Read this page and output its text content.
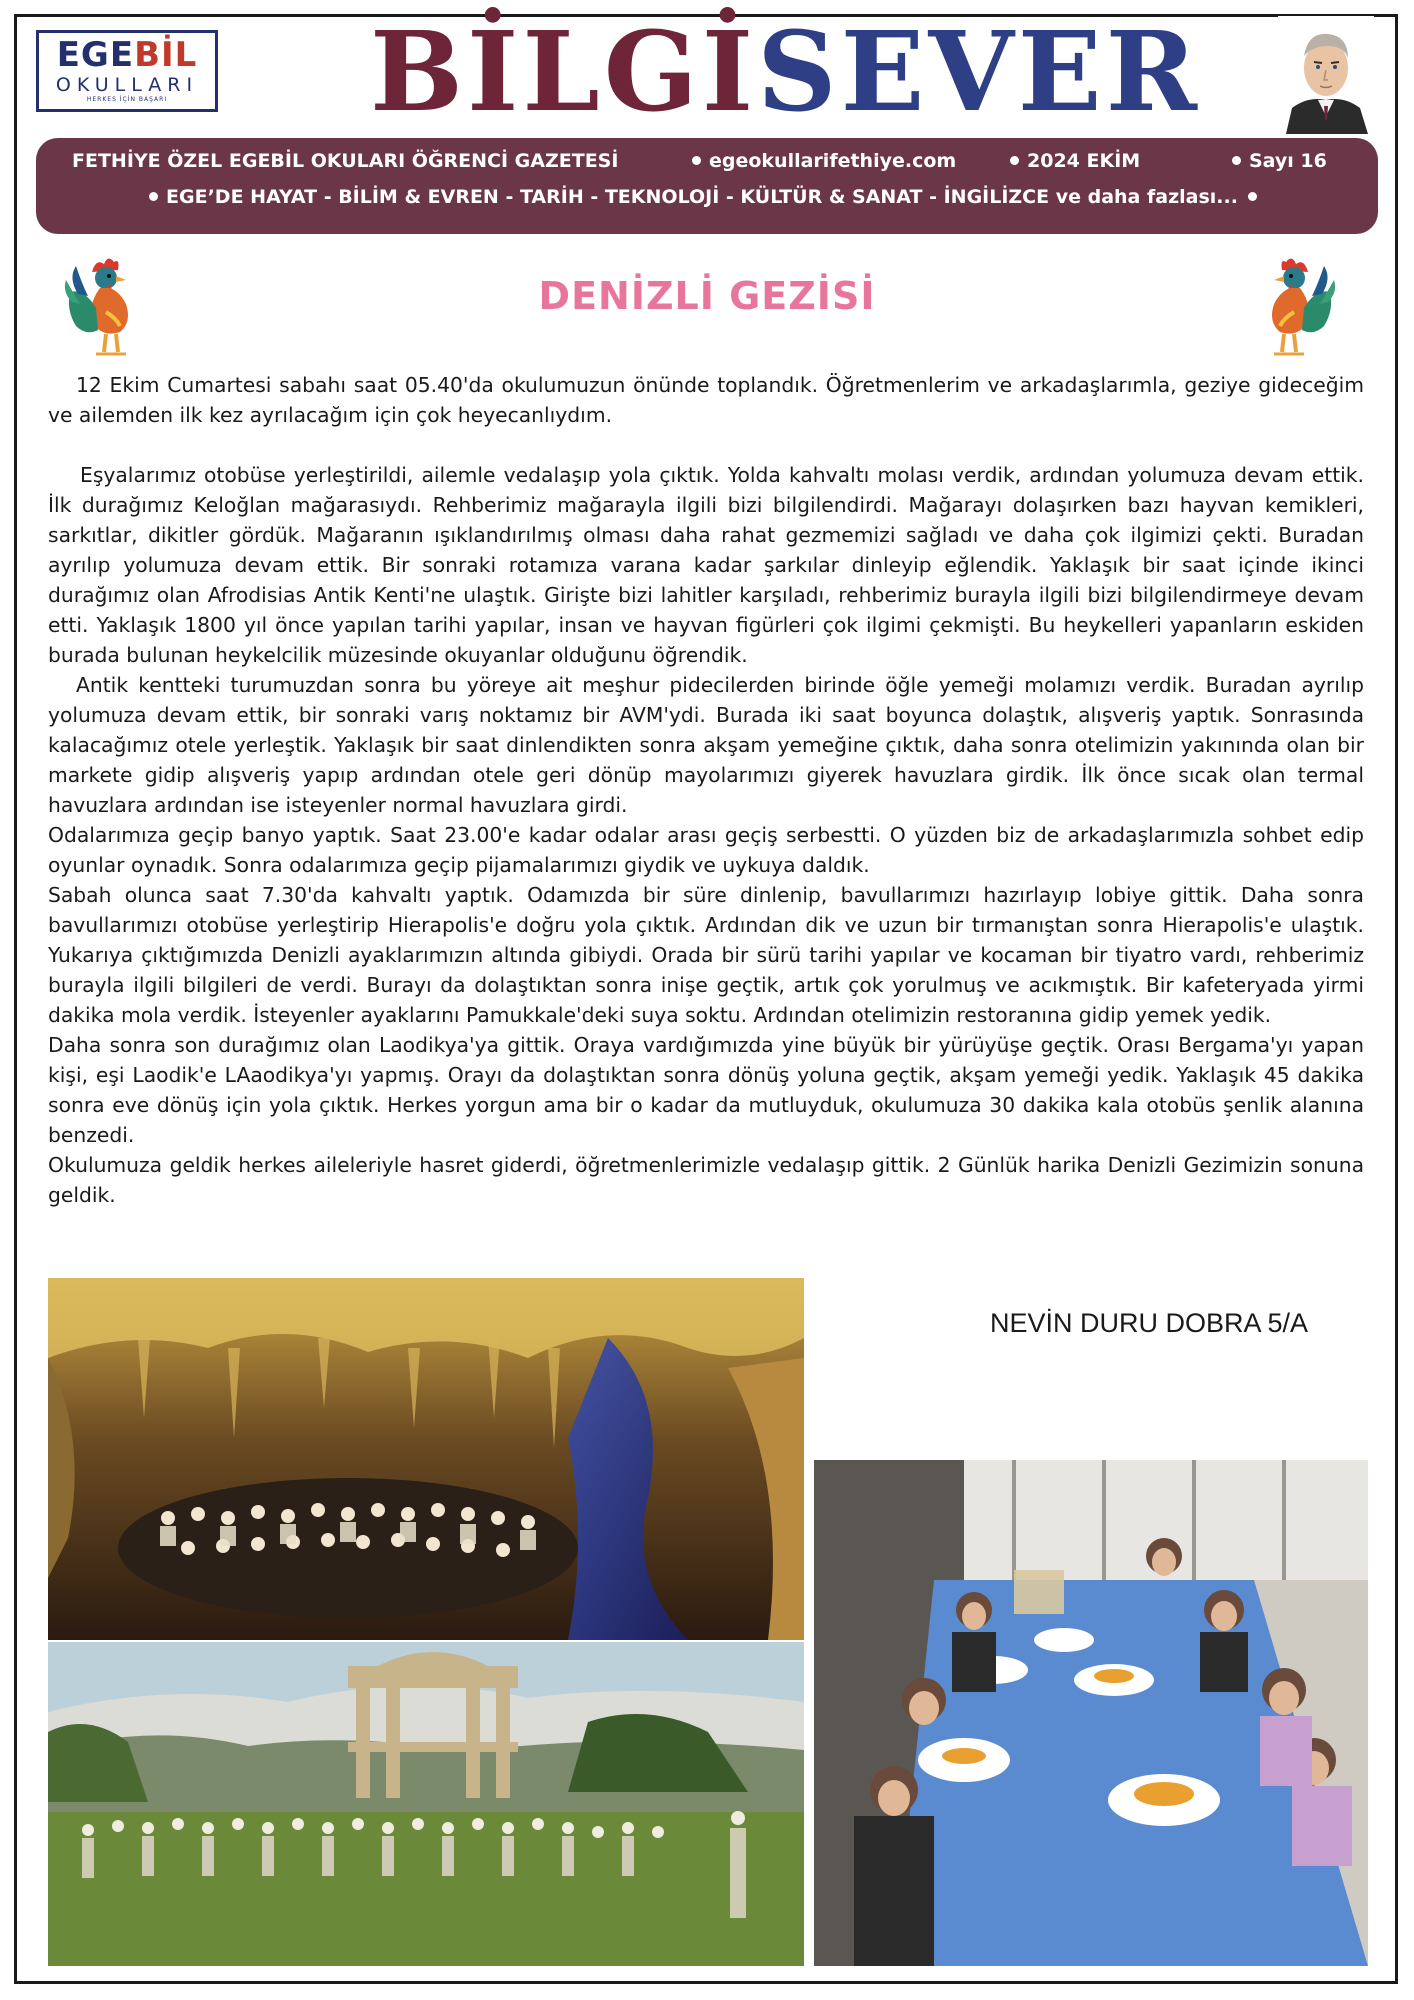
EGEBİL
OKULLARI
HERKES İÇİN BAŞARI	BİLGİSEVER
FETHİYE ÖZEL EGEBİL OKULARI ÖĞRENCİ GAZETESİ	egeokullarifethiye.com	2024 EKİM	Sayı 16
EGE’DE HAYAT - BİLİM & EVREN - TARİH - TEKNOLOJİ - KÜLTÜR & SANAT - İNGİLİZCE ve daha fazlası...
DENİZLİ GEZİSİ

12 Ekim Cumartesi sabahı saat 05.40'da okulumuzun önünde toplandık. Öğretmenlerim ve arkadaşlarımla, geziye gideceğim ve ailemden ilk kez ayrılacağım için çok heyecanlıydım.

Eşyalarımız otobüse yerleştirildi, ailemle vedalaşıp yola çıktık. Yolda kahvaltı molası verdik, ardından yolumuza devam ettik. İlk durağımız Keloğlan mağarasıydı. Rehberimiz mağarayla ilgili bizi bilgilendirdi. Mağarayı dolaşırken bazı hayvan kemikleri, sarkıtlar, dikitler gördük. Mağaranın ışıklandırılmış olması daha rahat gezmemizi sağladı ve daha çok ilgimizi çekti. Buradan ayrılıp yolumuza devam ettik. Bir sonraki rotamıza varana kadar şarkılar dinleyip eğlendik. Yaklaşık bir saat içinde ikinci durağımız olan Afrodisias Antik Kenti'ne ulaştık. Girişte bizi lahitler karşıladı, rehberimiz burayla ilgili bizi bilgilendirmeye devam etti. Yaklaşık 1800 yıl önce yapılan tarihi yapılar, insan ve hayvan figürleri çok ilgimi çekmişti. Bu heykelleri yapanların eskiden burada bulunan heykelcilik müzesinde okuyanlar olduğunu öğrendik.

Antik kentteki turumuzdan sonra bu yöreye ait meşhur pidecilerden birinde öğle yemeği molamızı verdik. Buradan ayrılıp yolumuza devam ettik, bir sonraki varış noktamız bir AVM'ydi. Burada iki saat boyunca dolaştık, alışveriş yaptık. Sonrasında kalacağımız otele yerleştik. Yaklaşık bir saat dinlendikten sonra akşam yemeğine çıktık, daha sonra otelimizin yakınında olan bir markete gidip alışveriş yapıp ardından otele geri dönüp mayolarımızı giyerek havuzlara girdik. İlk önce sıcak olan termal havuzlara ardından ise isteyenler normal havuzlara girdi.

Odalarımıza geçip banyo yaptık. Saat 23.00'e kadar odalar arası geçiş serbestti. O yüzden biz de arkadaşlarımızla sohbet edip oyunlar oynadık. Sonra odalarımıza geçip pijamalarımızı giydik ve uykuya daldık.

Sabah olunca saat 7.30'da kahvaltı yaptık. Odamızda bir süre dinlenip, bavullarımızı hazırlayıp lobiye gittik. Daha sonra bavullarımızı otobüse yerleştirip Hierapolis'e doğru yola çıktık. Ardından dik ve uzun bir tırmanıştan sonra Hierapolis'e ulaştık. Yukarıya çıktığımızda Denizli ayaklarımızın altında gibiydi. Orada bir sürü tarihi yapılar ve kocaman bir tiyatro vardı, rehberimiz burayla ilgili bilgileri de verdi. Burayı da dolaştıktan sonra inişe geçtik, artık çok yorulmuş ve acıkmıştık. Bir kafeteryada yirmi dakika mola verdik. İsteyenler ayaklarını Pamukkale'deki suya soktu. Ardından otelimizin restoranına gidip yemek yedik.

Daha sonra son durağımız olan Laodikya'ya gittik. Oraya vardığımızda yine büyük bir yürüyüşe geçtik. Orası Bergama'yı yapan kişi, eşi Laodik'e LAaodikya'yı yapmış. Orayı da dolaştıktan sonra dönüş yoluna geçtik, akşam yemeği yedik. Yaklaşık 45 dakika sonra eve dönüş için yola çıktık. Herkes yorgun ama bir o kadar da mutluyduk, okulumuza 30 dakika kala otobüs şenlik alanına benzedi.

Okulumuza geldik herkes aileleriyle hasret giderdi, öğretmenlerimizle vedalaşıp gittik. 2 Günlük harika Denizli Gezimizin sonuna geldik.

NEVİN DURU DOBRA 5/A
